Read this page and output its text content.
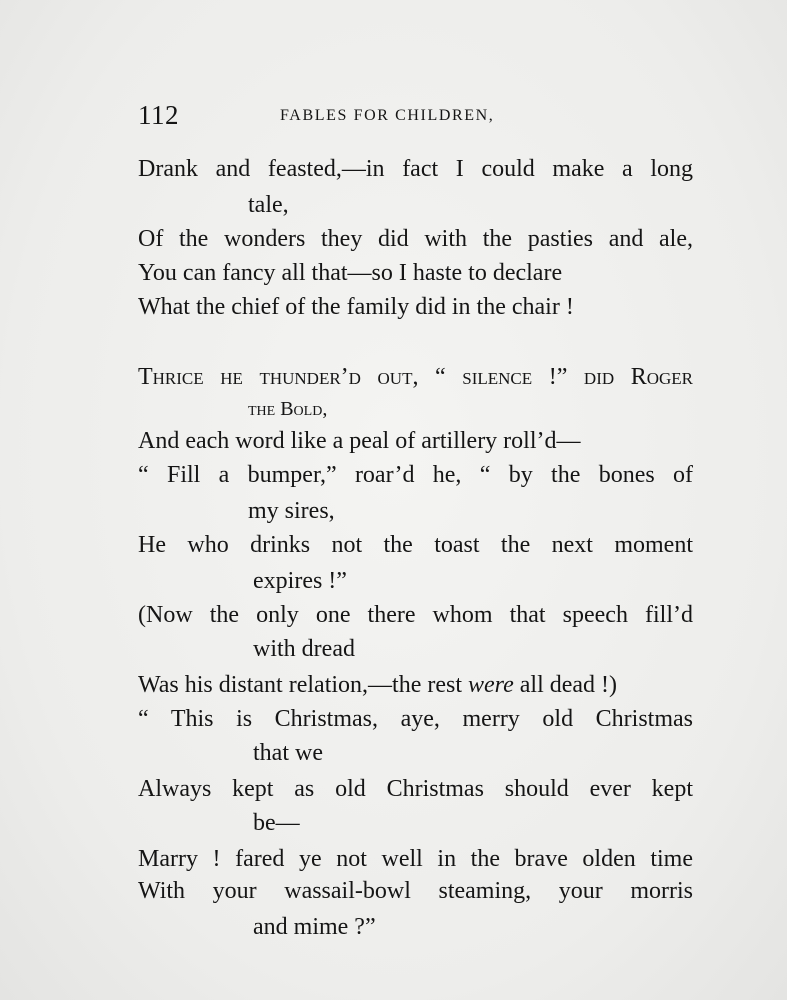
112	FABLES FOR CHILDREN,
Drank and feasted,—in fact I could make a long
tale,
Of the wonders they did with the pasties and ale,
You can fancy all that—so I haste to declare
What the chief of the family did in the chair !
Thrice he thunder’d out, “ silence !” did Roger
the Bold,
And each word like a peal of artillery roll’d—
“ Fill a bumper,” roar’d he, “ by the bones of
my sires,
He who drinks not the toast the next moment
expires !”
(Now the only one there whom that speech fill’d
with dread
Was his distant relation,—the rest were all dead !)
“ This is Christmas, aye, merry old Christmas
that we
Always kept as old Christmas should ever kept
be—
Marry ! fared ye not well in the brave olden time
With your wassail-bowl steaming, your morris
and mime ?”
